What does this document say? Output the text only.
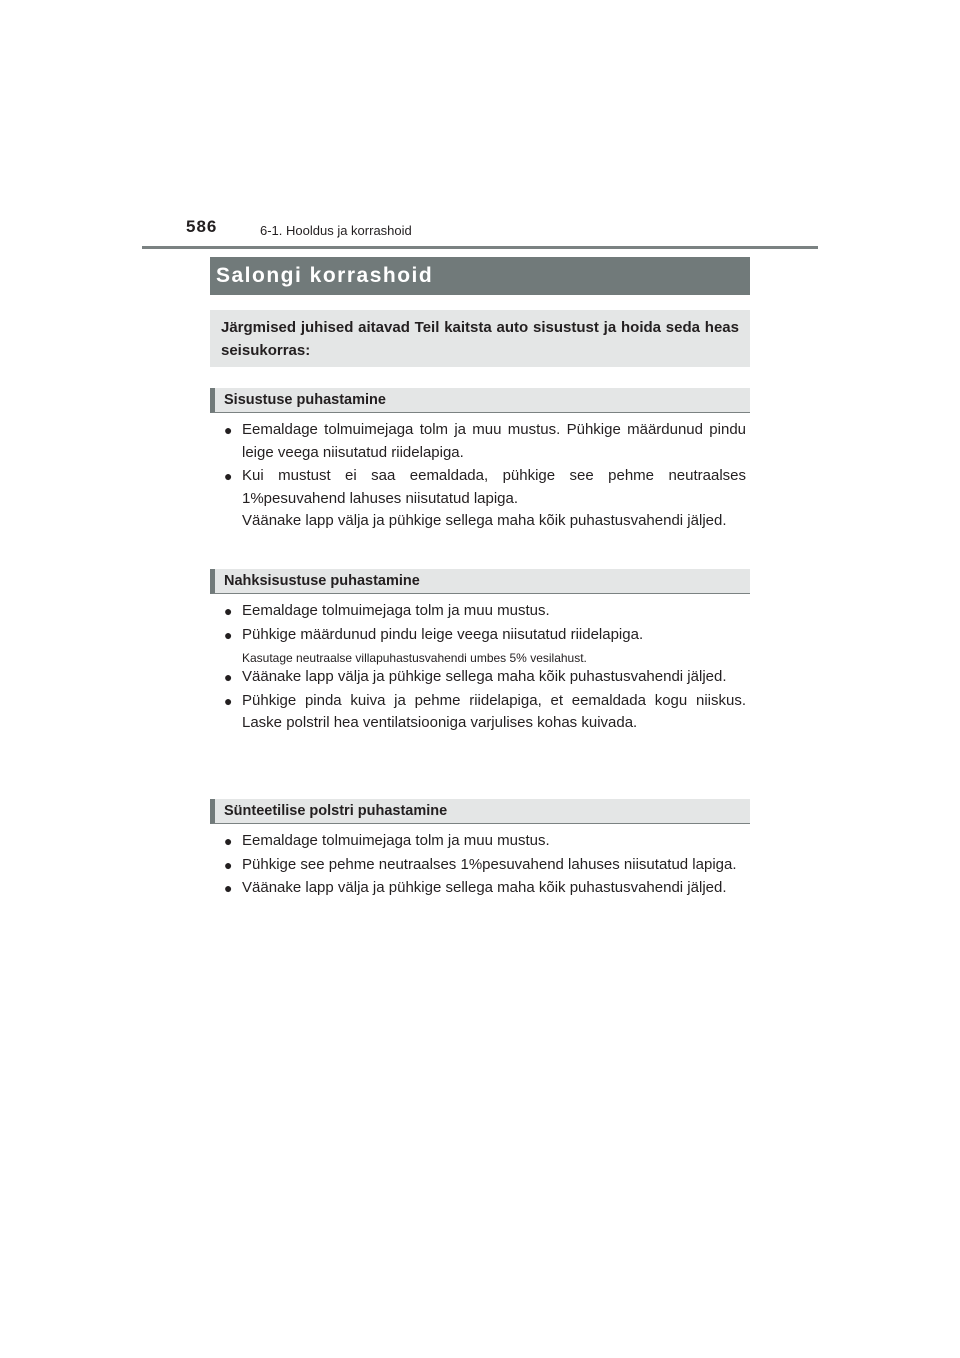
586	6-1. Hooldus ja korrashoid
Salongi korrashoid
Järgmised juhised aitavad Teil kaitsta auto sisustust ja hoida seda heas seisukorras:
Sisustuse puhastamine
● Eemaldage tolmuimejaga tolm ja muu mustus. Pühkige määrdunud pindu leige veega niisutatud riidelapiga.
● Kui mustust ei saa eemaldada, pühkige see pehme neutraalses 1%pesuvahend lahuses niisutatud lapiga.
Väänake lapp välja ja pühkige sellega maha kõik puhastusvahendi jäljed.
Nahksisustuse puhastamine
● Eemaldage tolmuimejaga tolm ja muu mustus.
● Pühkige määrdunud pindu leige veega niisutatud riidelapiga.
Kasutage neutraalse villapuhastusvahendi umbes 5% vesilahust.
● Väänake lapp välja ja pühkige sellega maha kõik puhastusvahendi jäljed.
● Pühkige pinda kuiva ja pehme riidelapiga, et eemaldada kogu niiskus. Laske polstril hea ventilatsiooniga varjulises kohas kuivada.
Sünteetilise polstri puhastamine
● Eemaldage tolmuimejaga tolm ja muu mustus.
● Pühkige see pehme neutraalses 1%pesuvahend lahuses niisutatud lapiga.
● Väänake lapp välja ja pühkige sellega maha kõik puhastusvahendi jäljed.
